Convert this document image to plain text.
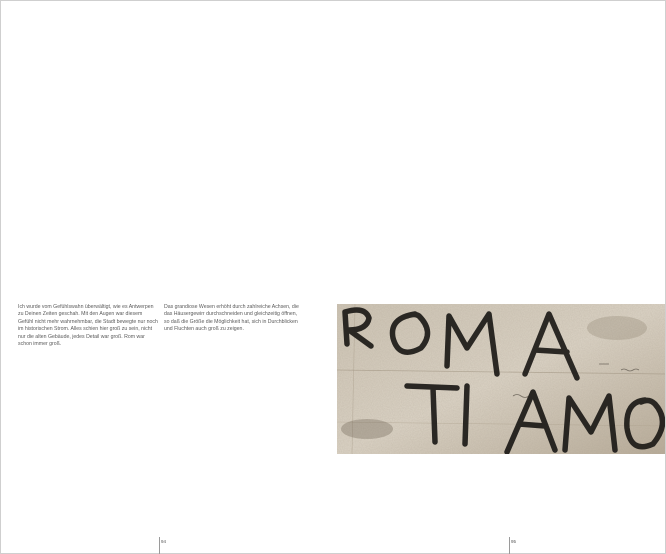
Ich wurde vom Gefühlswahn überwältigt, wie es Antwerpen zu Deinen Zeiten geschah. Mit den Augen war diesem Gefühl nicht mehr wahrnehmbar, die Stadt bewegte nur noch im historischen Strom. Alles schien hier groß zu sein, nicht nur die alten Gebäude, jedes Detail war groß. Rom war schon immer groß.
Das grandiose Wesen erhöht durch zahlreiche Achsen, die das Häusergewirr durchschneiden und gleichzeitig öffnen, so daß die Größe die Möglichkeit hat, sich in Durchblicken und Fluchten auch groß zu zeigen.
94	95
